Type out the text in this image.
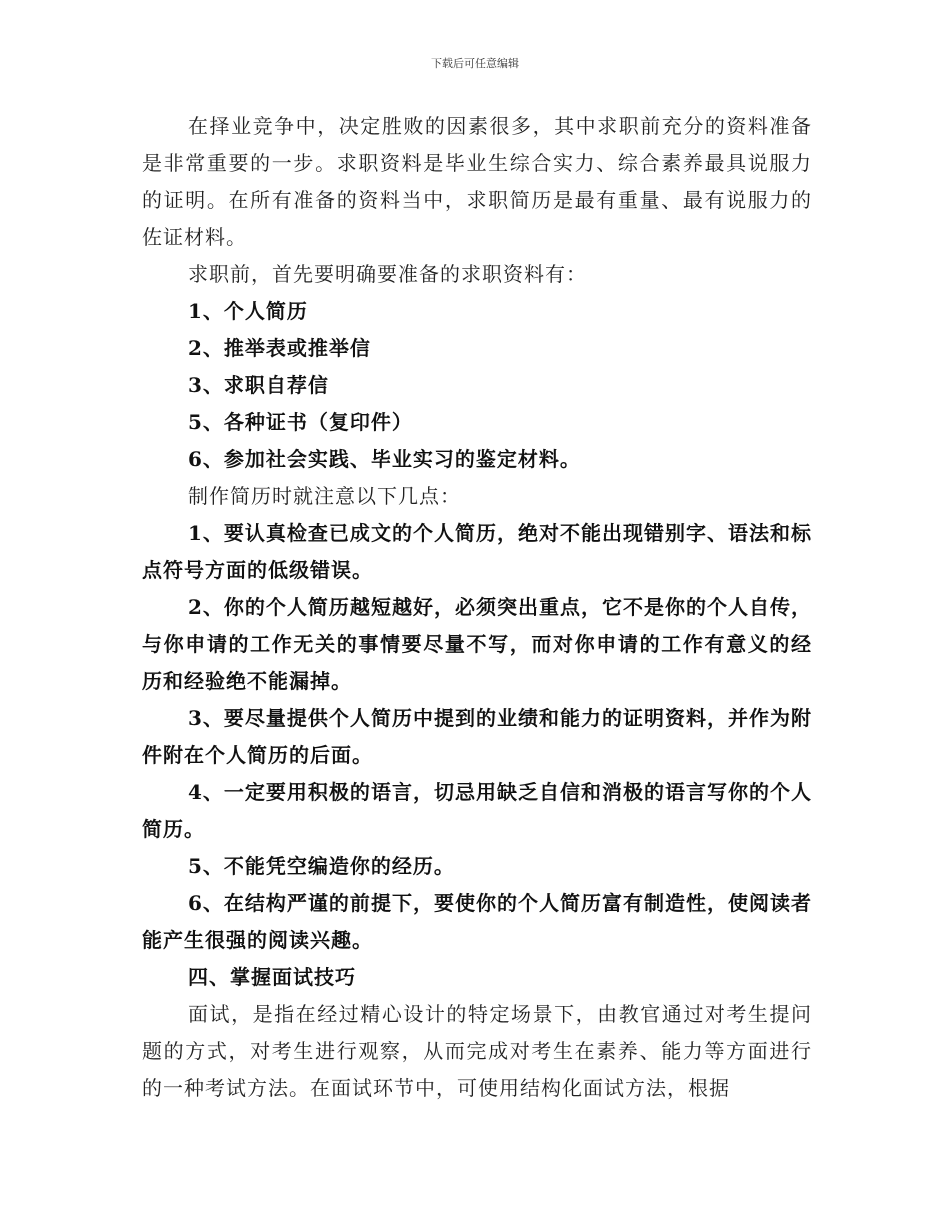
下载后可任意编辑

在择业竞争中，决定胜败的因素很多，其中求职前充分的资料准备是非常重要的一步。求职资料是毕业生综合实力、综合素养最具说服力的证明。在所有准备的资料当中，求职简历是最有重量、最有说服力的佐证材料。

求职前，首先要明确要准备的求职资料有：

1、个人简历

2、推举表或推举信

3、求职自荐信

5、各种证书（复印件）

6、参加社会实践、毕业实习的鉴定材料。

制作简历时就注意以下几点：

1、要认真检查已成文的个人简历，绝对不能出现错别字、语法和标点符号方面的低级错误。

2、你的个人简历越短越好，必须突出重点，它不是你的个人自传，与你申请的工作无关的事情要尽量不写，而对你申请的工作有意义的经历和经验绝不能漏掉。

3、要尽量提供个人简历中提到的业绩和能力的证明资料，并作为附件附在个人简历的后面。

4、一定要用积极的语言，切忌用缺乏自信和消极的语言写你的个人简历。

5、不能凭空编造你的经历。

6、在结构严谨的前提下，要使你的个人简历富有制造性，使阅读者能产生很强的阅读兴趣。

四、掌握面试技巧

面试，是指在经过精心设计的特定场景下，由教官通过对考生提问题的方式，对考生进行观察，从而完成对考生在素养、能力等方面进行的一种考试方法。在面试环节中，可使用结构化面试方法，根据
